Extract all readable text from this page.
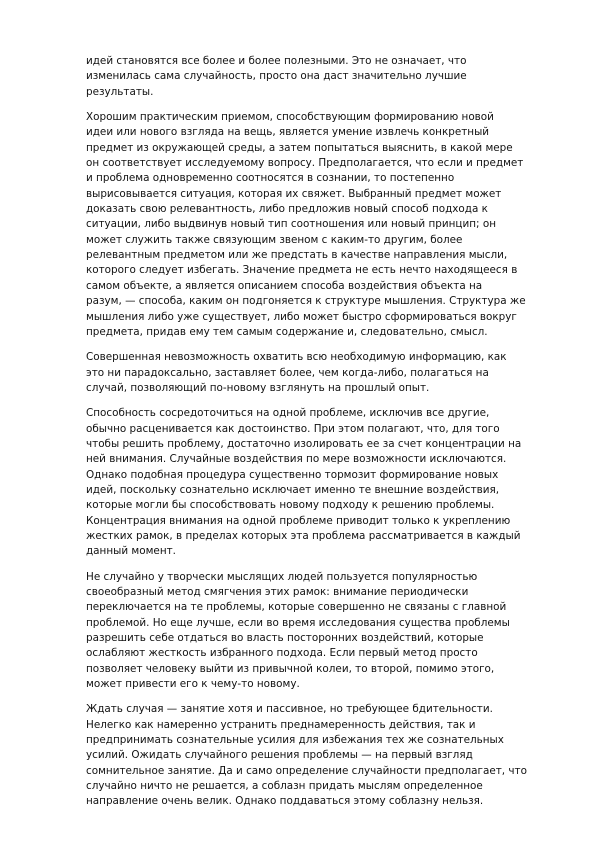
идей становятся все более и более полезными. Это не означает, что
изменилась сама случайность, просто она даст значительно лучшие
результаты.

Хорошим практическим приемом, способствующим формированию новой
идеи или нового взгляда на вещь, является умение извлечь конкретный
предмет из окружающей среды, а затем попытаться выяснить, в какой мере
он соответствует исследуемому вопросу. Предполагается, что если и предмет
и проблема одновременно соотносятся в сознании, то постепенно
вырисовывается ситуация, которая их свяжет. Выбранный предмет может
доказать свою релевантность, либо предложив новый способ подхода к
ситуации, либо выдвинув новый тип соотношения или новый принцип; он
может служить также связующим звеном с каким-то другим, более
релевантным предметом или же предстать в качестве направления мысли,
которого следует избегать. Значение предмета не есть нечто находящееся в
самом объекте, а является описанием способа воздействия объекта на
разум, — способа, каким он подгоняется к структуре мышления. Структура же
мышления либо уже существует, либо может быстро сформироваться вокруг
предмета, придав ему тем самым содержание и, следовательно, смысл.

Совершенная невозможность охватить всю необходимую информацию, как
это ни парадоксально, заставляет более, чем когда-либо, полагаться на
случай, позволяющий по-новому взглянуть на прошлый опыт.

Способность сосредоточиться на одной проблеме, исключив все другие,
обычно расценивается как достоинство. При этом полагают, что, для того
чтобы решить проблему, достаточно изолировать ее за счет концентрации на
ней внимания. Случайные воздействия по мере возможности исключаются.
Однако подобная процедура существенно тормозит формирование новых
идей, поскольку сознательно исключает именно те внешние воздействия,
которые могли бы способствовать новому подходу к решению проблемы.
Концентрация внимания на одной проблеме приводит только к укреплению
жестких рамок, в пределах которых эта проблема рассматривается в каждый
данный момент.

Не случайно у творчески мыслящих людей пользуется популярностью
своеобразный метод смягчения этих рамок: внимание периодически
переключается на те проблемы, которые совершенно не связаны с главной
проблемой. Но еще лучше, если во время исследования существа проблемы
разрешить себе отдаться во власть посторонних воздействий, которые
ослабляют жесткость избранного подхода. Если первый метод просто
позволяет человеку выйти из привычной колеи, то второй, помимо этого,
может привести его к чему-то новому.

Ждать случая — занятие хотя и пассивное, но требующее бдительности.
Нелегко как намеренно устранить преднамеренность действия, так и
предпринимать сознательные усилия для избежания тех же сознательных
усилий. Ожидать случайного решения проблемы — на первый взгляд
сомнительное занятие. Да и само определение случайности предполагает, что
случайно ничто не решается, а соблазн придать мыслям определенное
направление очень велик. Однако поддаваться этому соблазну нельзя.
